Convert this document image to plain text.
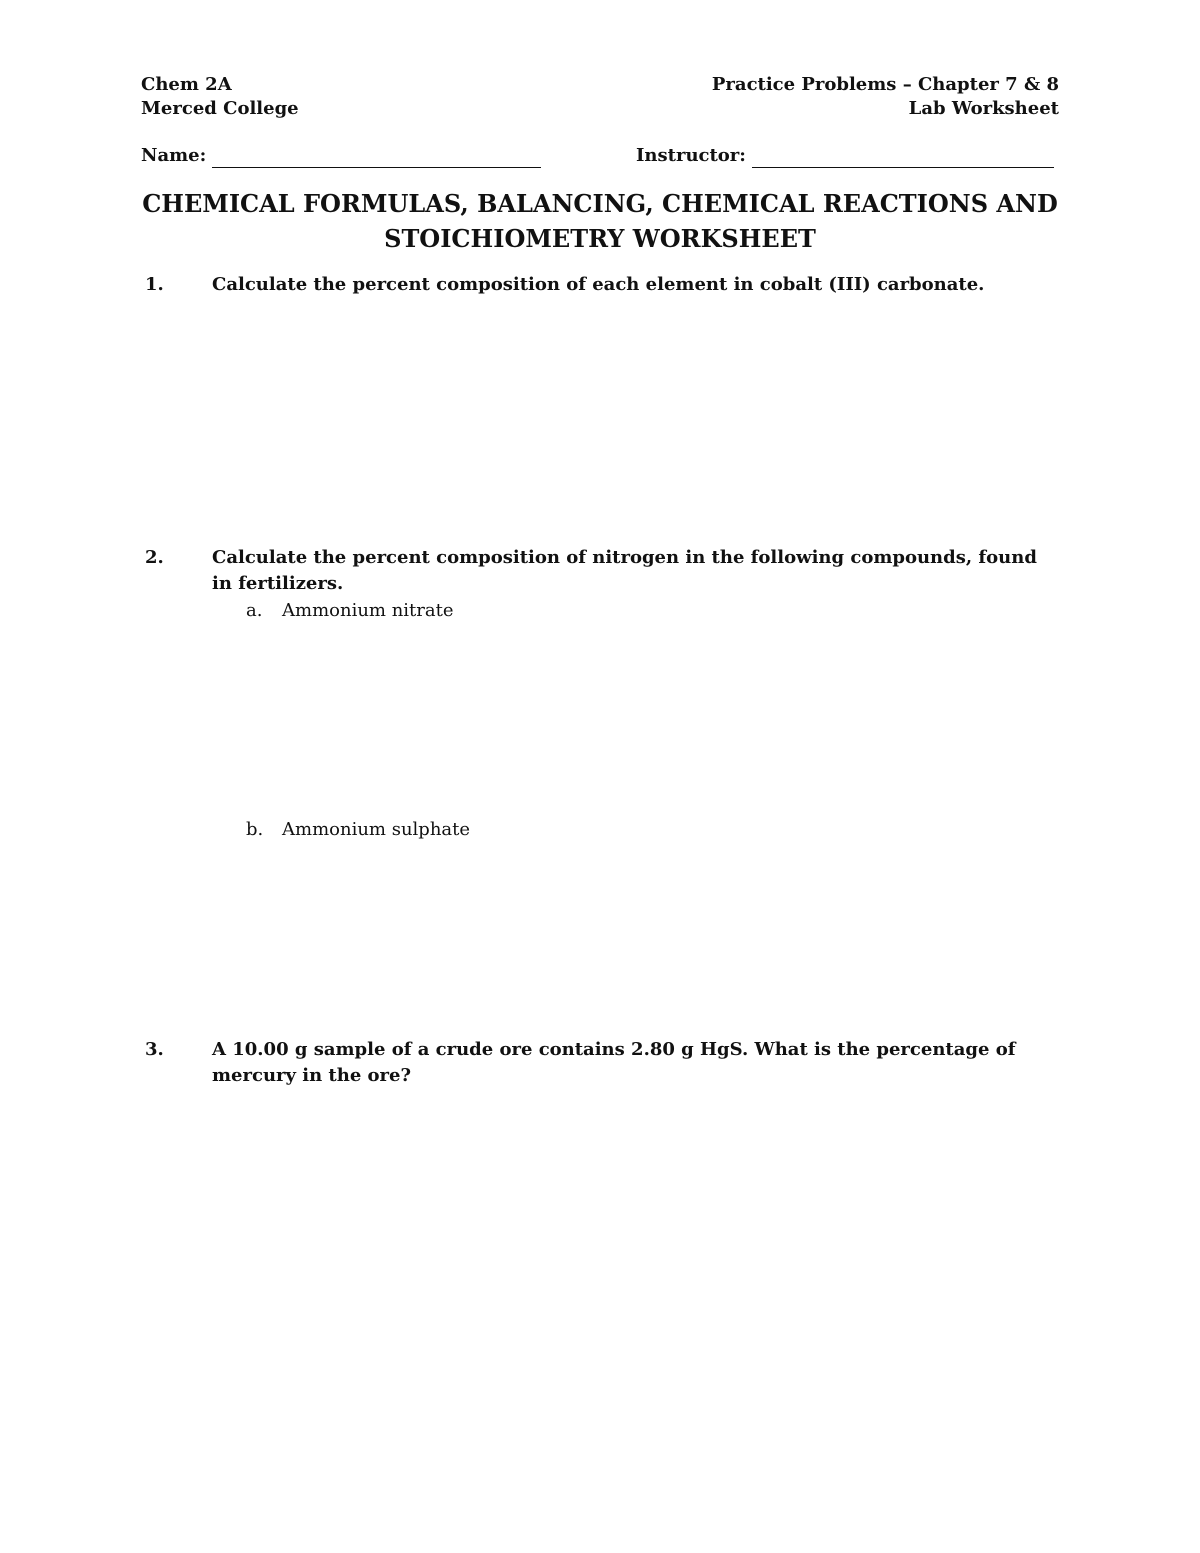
Chem 2A
Merced College
Practice Problems – Chapter 7 & 8
Lab Worksheet
Name:	Instructor:
CHEMICAL FORMULAS, BALANCING, CHEMICAL REACTIONS AND
STOICHIOMETRY WORKSHEET
1.	Calculate the percent composition of each element in cobalt (III) carbonate.
2.	Calculate the percent composition of nitrogen in the following compounds, found in fertilizers.
a. Ammonium nitrate
b. Ammonium sulphate
3.	A 10.00 g sample of a crude ore contains 2.80 g HgS. What is the percentage of mercury in the ore?
